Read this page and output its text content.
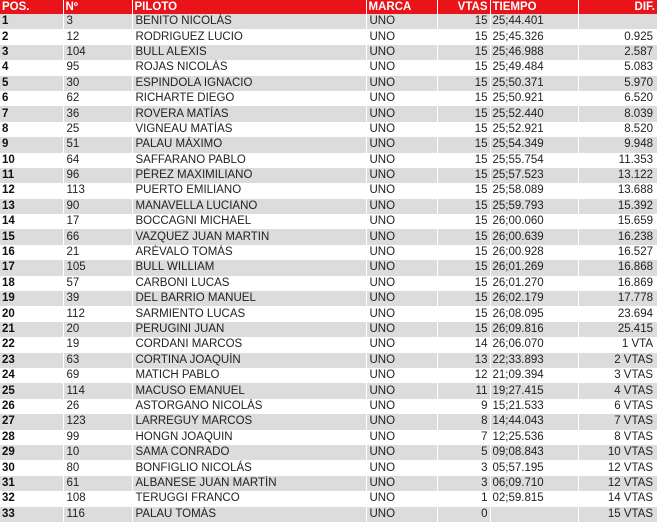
POS.	Nº	PILOTO	MARCA	VTAS	TIEMPO	DIF.
1	3	BENITO NICOLÁS	UNO	15	25;44.401	
2	12	RODRIGUEZ LUCIO	UNO	15	25;45.326	0.925
3	104	BULL ALEXIS	UNO	15	25;46.988	2.587
4	95	ROJAS NICOLÁS	UNO	15	25;49.484	5.083
5	30	ESPINDOLA IGNACIO	UNO	15	25;50.371	5.970
6	62	RICHARTE DIEGO	UNO	15	25;50.921	6.520
7	36	ROVERA MATÍAS	UNO	15	25;52.440	8.039
8	25	VIGNEAU MATÍAS	UNO	15	25;52.921	8.520
9	51	PALAU MÁXIMO	UNO	15	25;54.349	9.948
10	64	SAFFARANO PABLO	UNO	15	25;55.754	11.353
11	96	PÉREZ MAXIMILIANO	UNO	15	25;57.523	13.122
12	113	PUERTO EMILIANO	UNO	15	25;58.089	13.688
13	90	MANAVELLA LUCIANO	UNO	15	25;59.793	15.392
14	17	BOCCAGNI MICHAEL	UNO	15	26;00.060	15.659
15	66	VAZQUEZ JUAN MARTIN	UNO	15	26;00.639	16.238
16	21	ARÉVALO TOMÁS	UNO	15	26;00.928	16.527
17	105	BULL WILLIAM	UNO	15	26;01.269	16.868
18	57	CARBONI LUCAS	UNO	15	26;01.270	16.869
19	39	DEL BARRIO MANUEL	UNO	15	26;02.179	17.778
20	112	SARMIENTO LUCAS	UNO	15	26;08.095	23.694
21	20	PERUGINI JUAN	UNO	15	26;09.816	25.415
22	19	CORDANI MARCOS	UNO	14	26;06.070	1 VTA
23	63	CORTINA JOAQUÍN	UNO	13	22;33.893	2 VTAS
24	69	MATICH PABLO	UNO	12	21;09.394	3 VTAS
25	114	MACUSO EMANUEL	UNO	11	19;27.415	4 VTAS
26	26	ASTORGANO NICOLÁS	UNO	9	15;21.533	6 VTAS
27	123	LARREGUY MARCOS	UNO	8	14;44.043	7 VTAS
28	99	HONGN JOAQUIN	UNO	7	12;25.536	8 VTAS
29	10	SAMA CONRADO	UNO	5	09;08.843	10 VTAS
30	80	BONFIGLIO NICOLÁS	UNO	3	05;57.195	12 VTAS
31	61	ALBANESE JUAN MARTÍN	UNO	3	06;09.710	12 VTAS
32	108	TERUGGI FRANCO	UNO	1	02;59.815	14 VTAS
33	116	PALAU TOMÁS	UNO	0		15 VTAS
